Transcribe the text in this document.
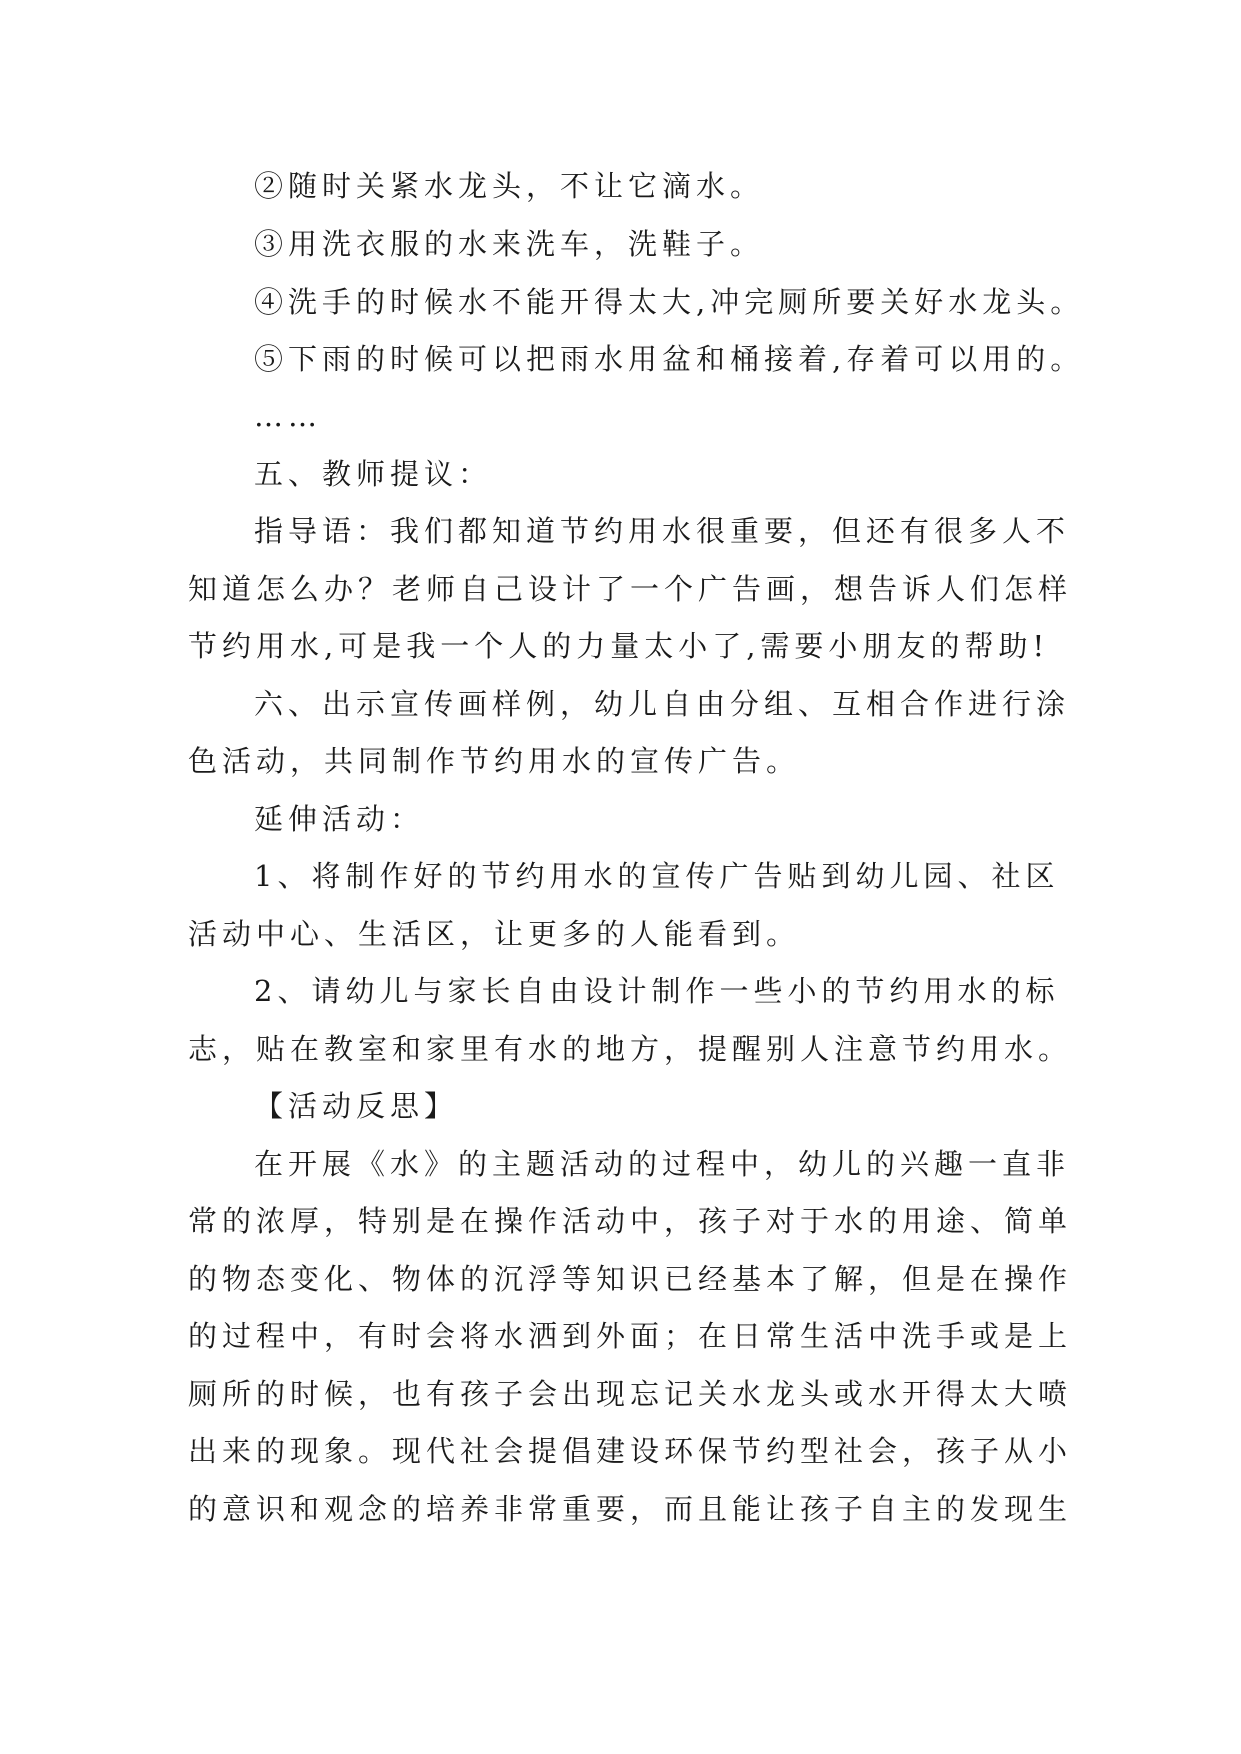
②随时关紧水龙头，不让它滴水。
③用洗衣服的水来洗车，洗鞋子。
④洗手的时候水不能开得太大,冲完厕所要关好水龙头。
⑤下雨的时候可以把雨水用盆和桶接着,存着可以用的。
……
五、教师提议：
指导语：我们都知道节约用水很重要，但还有很多人不
知道怎么办？老师自己设计了一个广告画，想告诉人们怎样
节约用水,可是我一个人的力量太小了,需要小朋友的帮助!
六、出示宣传画样例，幼儿自由分组、互相合作进行涂
色活动，共同制作节约用水的宣传广告。
延伸活动：
1、将制作好的节约用水的宣传广告贴到幼儿园、社区
活动中心、生活区，让更多的人能看到。
2、请幼儿与家长自由设计制作一些小的节约用水的标
志，贴在教室和家里有水的地方，提醒别人注意节约用水。
【活动反思】
在开展《水》的主题活动的过程中，幼儿的兴趣一直非
常的浓厚，特别是在操作活动中，孩子对于水的用途、简单
的物态变化、物体的沉浮等知识已经基本了解，但是在操作
的过程中，有时会将水洒到外面；在日常生活中洗手或是上
厕所的时候，也有孩子会出现忘记关水龙头或水开得太大喷
出来的现象。现代社会提倡建设环保节约型社会，孩子从小
的意识和观念的培养非常重要，而且能让孩子自主的发现生
